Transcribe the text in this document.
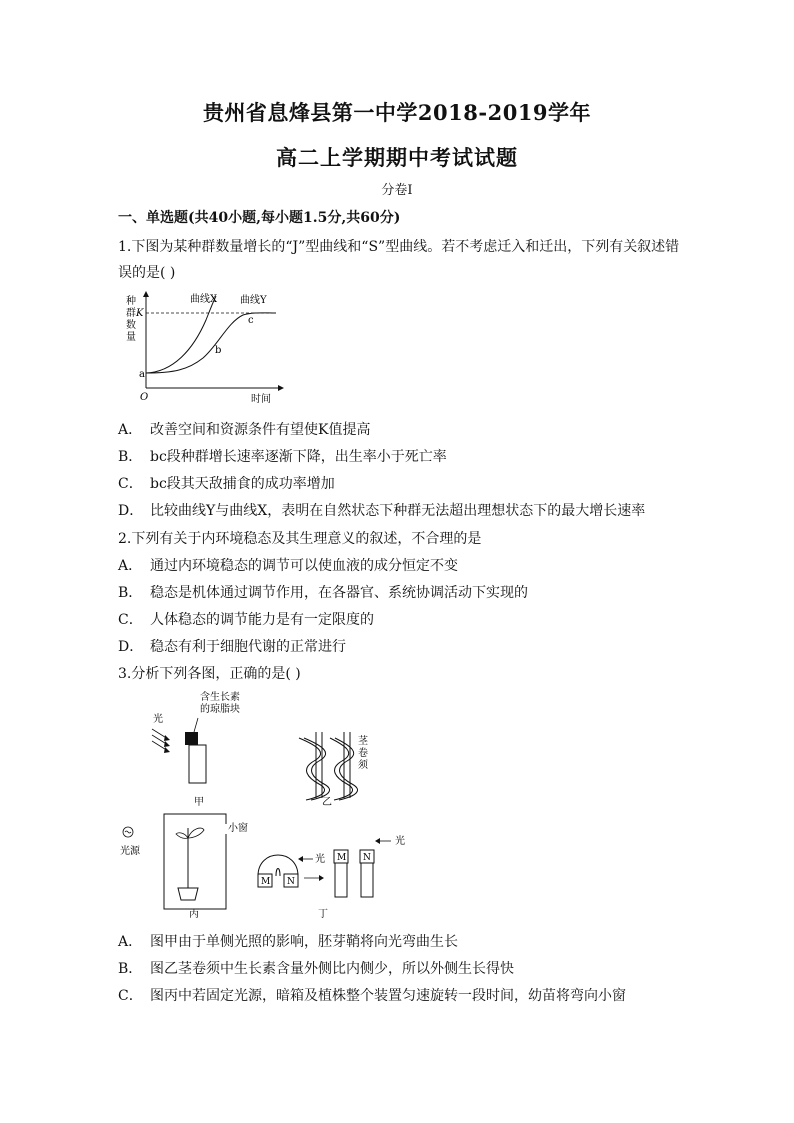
贵州省息烽县第一中学2018-2019学年
高二上学期期中考试试题
分卷I
一、单选题(共40小题,每小题1.5分,共60分)
1.下图为某种群数量增长的“J”型曲线和“S”型曲线。若不考虑迁入和迁出，下列有关叙述错
误的是( )
种
群
数
量
K
a
O	时间
曲线X 曲线Y
c
b
A． 改善空间和资源条件有望使K值提高
B． bc段种群增长速率逐渐下降，出生率小于死亡率
C． bc段其天敌捕食的成功率增加
D． 比较曲线Y与曲线X，表明在自然状态下种群无法超出理想状态下的最大增长速率
2.下列有关于内环境稳态及其生理意义的叙述，不合理的是
A． 通过内环境稳态的调节可以使血液的成分恒定不变
B． 稳态是机体通过调节作用，在各器官、系统协调活动下实现的
C． 人体稳态的调节能力是有一定限度的
D． 稳态有利于细胞代谢的正常进行
3.分析下列各图，正确的是( )
含生长素
的琼脂块
光
甲
茎
卷
须
乙
光源
小窗
丙
M N
光 M N
光
丁
A． 图甲由于单侧光照的影响，胚芽鞘将向光弯曲生长
B． 图乙茎卷须中生长素含量外侧比内侧少，所以外侧生长得快
C． 图丙中若固定光源，暗箱及植株整个装置匀速旋转一段时间，幼苗将弯向小窗
